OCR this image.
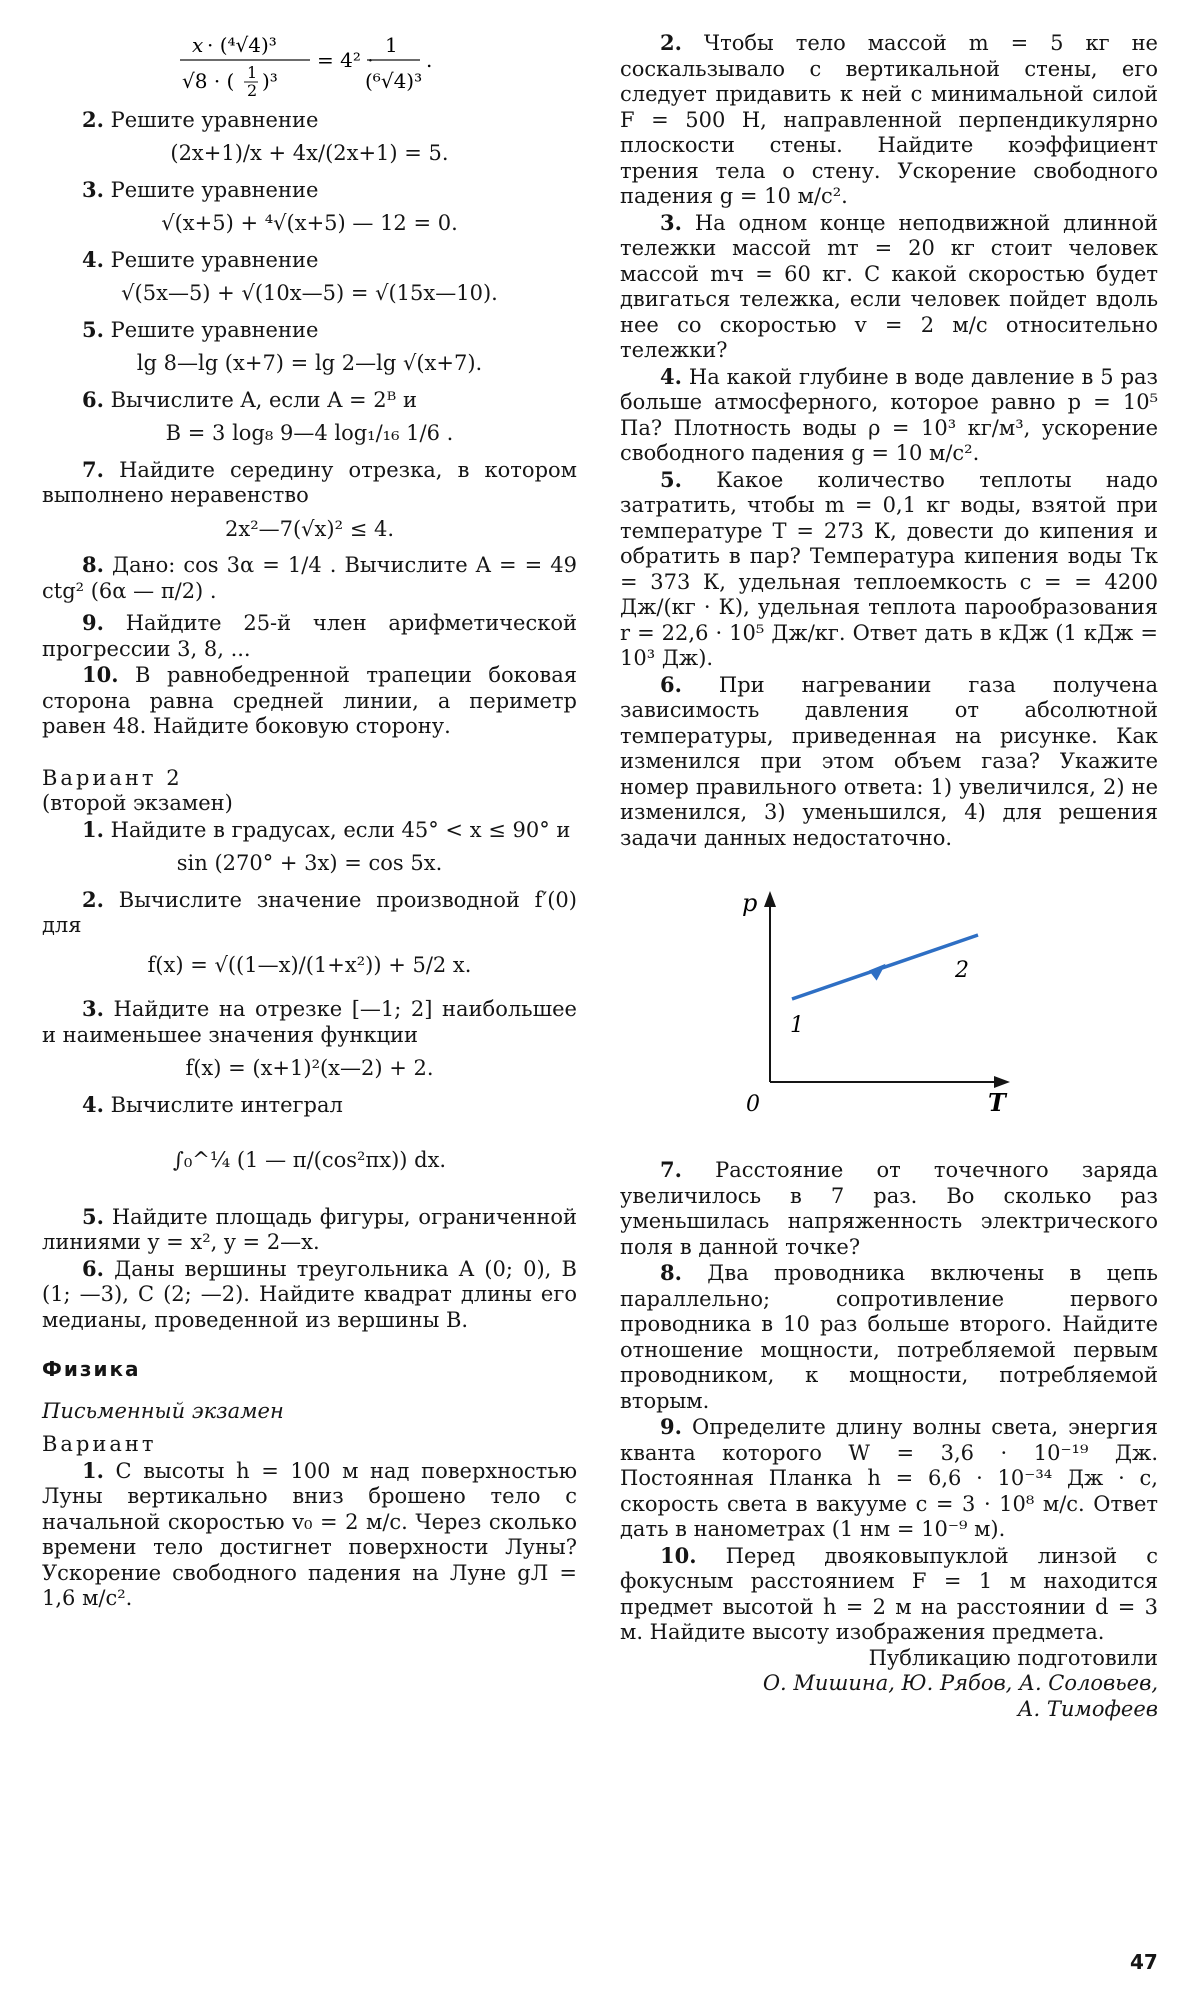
x · (⁴√4)³
√8 · ( 1
2 )³
= 4² ·
1
(⁶√4)³
.

2. Решите уравнение

(2x+1)/x + 4x/(2x+1) = 5.

3. Решите уравнение

√(x+5) + ⁴√(x+5) — 12 = 0.

4. Решите уравнение

√(5x—5) + √(10x—5) = √(15x—10).

5. Решите уравнение

lg 8—lg (x+7) = lg 2—lg √(x+7).

6. Вычислите A, если A = 2ᴮ и

B = 3 log₈ 9—4 log₁/₁₆ 1/6 .

7. Найдите середину отрезка, в котором выполнено неравенство

2x²—7(√x)² ≤ 4.

8. Дано: cos 3α = 1/4 . Вычислите A = = 49 ctg² (6α — π/2) .

9. Найдите 25-й член арифметической прогрессии 3, 8, ...

10. В равнобедренной трапеции боковая сторона равна средней линии, а периметр равен 48. Найдите боковую сторону.

Вариант 2

(второй экзамен)

1. Найдите в градусах, если 45° < x ≤ 90° и

sin (270° + 3x) = cos 5x.

2. Вычислите значение производной f′(0) для

f(x) = √((1—x)/(1+x²)) + 5/2 x.

3. Найдите на отрезке [—1; 2] наибольшее и наименьшее значения функции

f(x) = (x+1)²(x—2) + 2.

4. Вычислите интеграл

∫₀^¼ (1 — π/(cos²πx)) dx.

5. Найдите площадь фигуры, ограниченной линиями y = x², y = 2—x.

6. Даны вершины треугольника A (0; 0), B (1; —3), C (2; —2). Найдите квадрат длины его медианы, проведенной из вершины B.

Физика

Письменный экзамен

Вариант

1. С высоты h = 100 м над поверхностью Луны вертикально вниз брошено тело с начальной скоростью v₀ = 2 м/с. Через сколько времени тело достигнет поверхности Луны? Ускорение свободного падения на Луне gЛ = 1,6 м/c².

2. Чтобы тело массой m = 5 кг не соскальзывало с вертикальной стены, его следует придавить к ней с минимальной силой F = 500 Н, направленной перпендикулярно плоскости стены. Найдите коэффициент трения тела о стену. Ускорение свободного падения g = 10 м/с².

3. На одном конце неподвижной длинной тележки массой mт = 20 кг стоит человек массой mч = 60 кг. С какой скоростью будет двигаться тележка, если человек пойдет вдоль нее со скоростью v = 2 м/с относительно тележки?

4. На какой глубине в воде давление в 5 раз больше атмосферного, которое равно p = 10⁵ Па? Плотность воды ρ = 10³ кг/м³, ускорение свободного падения g = 10 м/с².

5. Какое количество теплоты надо затратить, чтобы m = 0,1 кг воды, взятой при температуре T = 273 К, довести до кипения и обратить в пар? Температура кипения воды Tк = 373 К, удельная теплоемкость c = = 4200 Дж/(кг · К), удельная теплота парообразования r = 22,6 · 10⁵ Дж/кг. Ответ дать в кДж (1 кДж = 10³ Дж).

6. При нагревании газа получена зависимость давления от абсолютной температуры, приведенная на рисунке. Как изменился при этом объем газа? Укажите номер правильного ответа: 1) увеличился, 2) не изменился, 3) уменьшился, 4) для решения задачи данных недостаточно.

p
T
0
1
2

7. Расстояние от точечного заряда увеличилось в 7 раз. Во сколько раз уменьшилась напряженность электрического поля в данной точке?

8. Два проводника включены в цепь параллельно; сопротивление первого проводника в 10 раз больше второго. Найдите отношение мощности, потребляемой первым проводником, к мощности, потребляемой вторым.

9. Определите длину волны света, энергия кванта которого W = 3,6 · 10⁻¹⁹ Дж. Постоянная Планка h = 6,6 · 10⁻³⁴ Дж · с, скорость света в вакууме c = 3 · 10⁸ м/с. Ответ дать в нанометрах (1 нм = 10⁻⁹ м).

10. Перед двояковыпуклой линзой с фокусным расстоянием F = 1 м находится предмет высотой h = 2 м на расстоянии d = 3 м. Найдите высоту изображения предмета.

Публикацию подготовили

О. Мишина, Ю. Рябов, А. Соловьев,

А. Тимофеев

47
